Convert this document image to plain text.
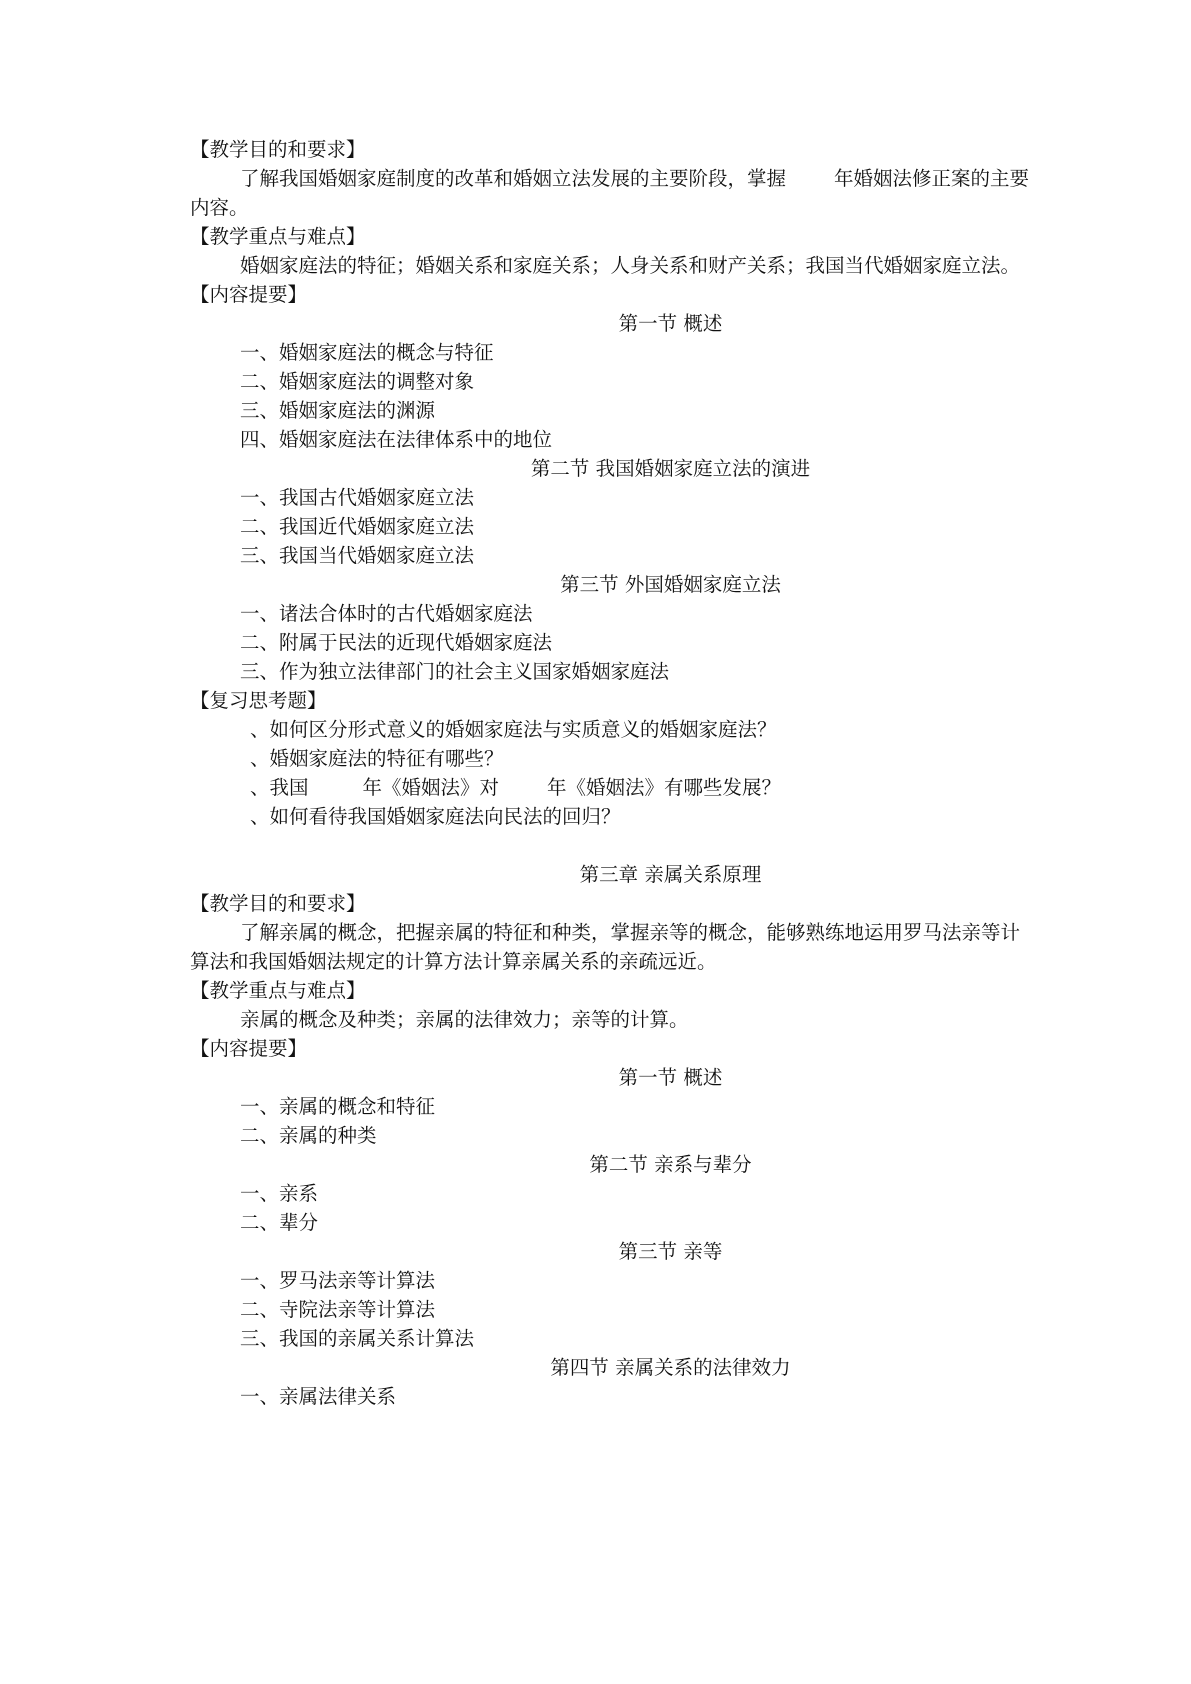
【教学目的和要求】
了解我国婚姻家庭制度的改革和婚姻立法发展的主要阶段，掌握 年婚姻法修正案的主要
内容。
【教学重点与难点】
婚姻家庭法的特征；婚姻关系和家庭关系；人身关系和财产关系；我国当代婚姻家庭立法。
【内容提要】
第一节 概述
一、婚姻家庭法的概念与特征
二、婚姻家庭法的调整对象
三、婚姻家庭法的渊源
四、婚姻家庭法在法律体系中的地位
第二节 我国婚姻家庭立法的演进
一、我国古代婚姻家庭立法
二、我国近代婚姻家庭立法
三、我国当代婚姻家庭立法
第三节 外国婚姻家庭立法
一、诸法合体时的古代婚姻家庭法
二、附属于民法的近现代婚姻家庭法
三、作为独立法律部门的社会主义国家婚姻家庭法
【复习思考题】
、如何区分形式意义的婚姻家庭法与实质意义的婚姻家庭法？
、婚姻家庭法的特征有哪些？
、我国	年《婚姻法》对 年《婚姻法》有哪些发展？
、如何看待我国婚姻家庭法向民法的回归？
第三章 亲属关系原理
【教学目的和要求】
了解亲属的概念，把握亲属的特征和种类，掌握亲等的概念，能够熟练地运用罗马法亲等计
算法和我国婚姻法规定的计算方法计算亲属关系的亲疏远近。
【教学重点与难点】
亲属的概念及种类；亲属的法律效力；亲等的计算。
【内容提要】
第一节 概述
一、亲属的概念和特征
二、亲属的种类
第二节 亲系与辈分
一、亲系
二、辈分
第三节 亲等
一、罗马法亲等计算法
二、寺院法亲等计算法
三、我国的亲属关系计算法
第四节 亲属关系的法律效力
一、亲属法律关系
